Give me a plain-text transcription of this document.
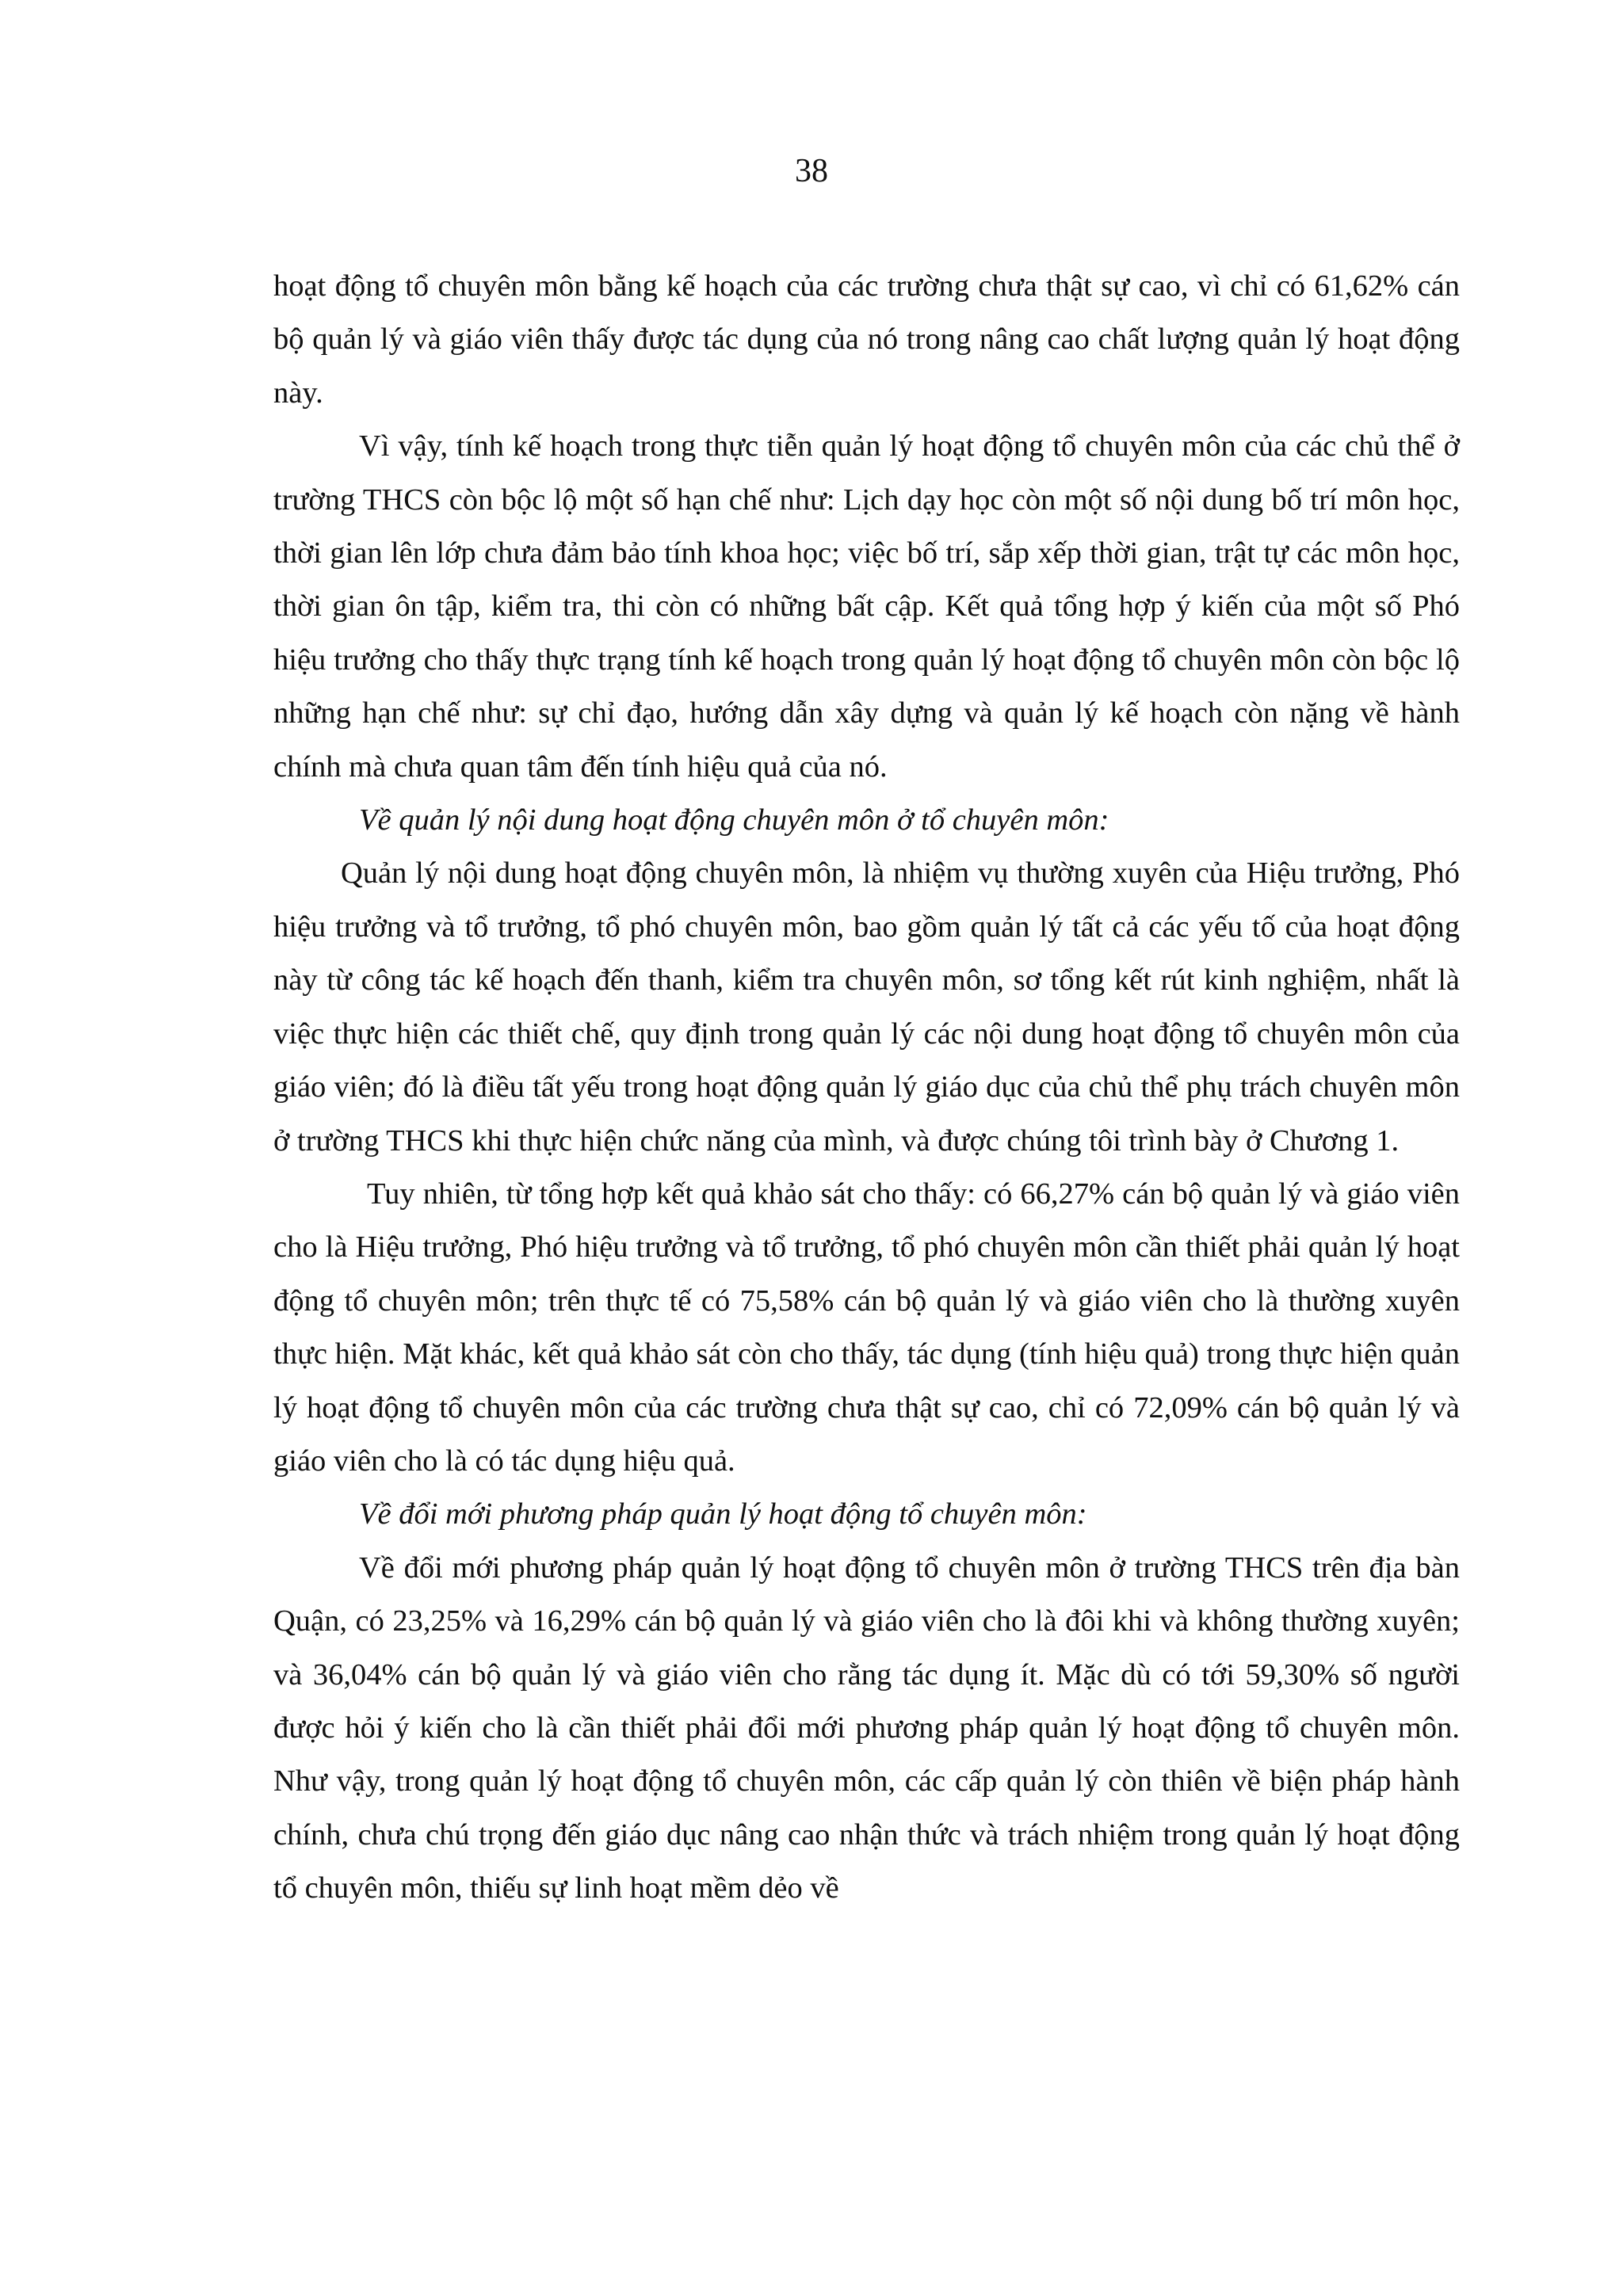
38

hoạt động tổ chuyên môn bằng kế hoạch của các trường chưa thật sự cao, vì chỉ có 61,62% cán bộ quản lý và giáo viên thấy được tác dụng của nó trong nâng cao chất lượng quản lý hoạt động này.

Vì vậy, tính kế hoạch trong thực tiễn quản lý hoạt động tổ chuyên môn của các chủ thể ở trường THCS còn bộc lộ một số hạn chế như: Lịch dạy học còn một số nội dung bố trí môn học, thời gian lên lớp chưa đảm bảo tính khoa học; việc bố trí, sắp xếp thời gian, trật tự các môn học, thời gian ôn tập, kiểm tra, thi còn có những bất cập. Kết quả tổng hợp ý kiến của một số Phó hiệu trưởng cho thấy thực trạng tính kế hoạch trong quản lý hoạt động tổ chuyên môn còn bộc lộ những hạn chế như: sự chỉ đạo, hướng dẫn xây dựng và quản lý kế hoạch còn nặng về hành chính mà chưa quan tâm đến tính hiệu quả của nó.

Về quản lý nội dung hoạt động chuyên môn ở tổ chuyên môn:

Quản lý nội dung hoạt động chuyên môn, là nhiệm vụ thường xuyên của Hiệu trưởng, Phó hiệu trưởng và tổ trưởng, tổ phó chuyên môn, bao gồm quản lý tất cả các yếu tố của hoạt động này từ công tác kế hoạch đến thanh, kiểm tra chuyên môn, sơ tổng kết rút kinh nghiệm, nhất là việc thực hiện các thiết chế, quy định trong quản lý các nội dung hoạt động tổ chuyên môn của giáo viên; đó là điều tất yếu trong hoạt động quản lý giáo dục của chủ thể phụ trách chuyên môn ở trường THCS khi thực hiện chức năng của mình, và được chúng tôi trình bày ở Chương 1.

Tuy nhiên, từ tổng hợp kết quả khảo sát cho thấy: có 66,27% cán bộ quản lý và giáo viên cho là Hiệu trưởng, Phó hiệu trưởng và tổ trưởng, tổ phó chuyên môn cần thiết phải quản lý hoạt động tổ chuyên môn; trên thực tế có 75,58% cán bộ quản lý và giáo viên cho là thường xuyên thực hiện. Mặt khác, kết quả khảo sát còn cho thấy, tác dụng (tính hiệu quả) trong thực hiện quản lý hoạt động tổ chuyên môn của các trường chưa thật sự cao, chỉ có 72,09% cán bộ quản lý và giáo viên cho là có tác dụng hiệu quả.

Về đổi mới phương pháp quản lý hoạt động tổ chuyên môn:

Về đổi mới phương pháp quản lý hoạt động tổ chuyên môn ở trường THCS trên địa bàn Quận, có 23,25% và 16,29% cán bộ quản lý và giáo viên cho là đôi khi và không thường xuyên; và 36,04% cán bộ quản lý và giáo viên cho rằng tác dụng ít. Mặc dù có tới 59,30% số người được hỏi ý kiến cho là cần thiết phải đổi mới phương pháp quản lý hoạt động tổ chuyên môn. Như vậy, trong quản lý hoạt động tổ chuyên môn, các cấp quản lý còn thiên về biện pháp hành chính, chưa chú trọng đến giáo dục nâng cao nhận thức và trách nhiệm trong quản lý hoạt động tổ chuyên môn, thiếu sự linh hoạt mềm dẻo về
